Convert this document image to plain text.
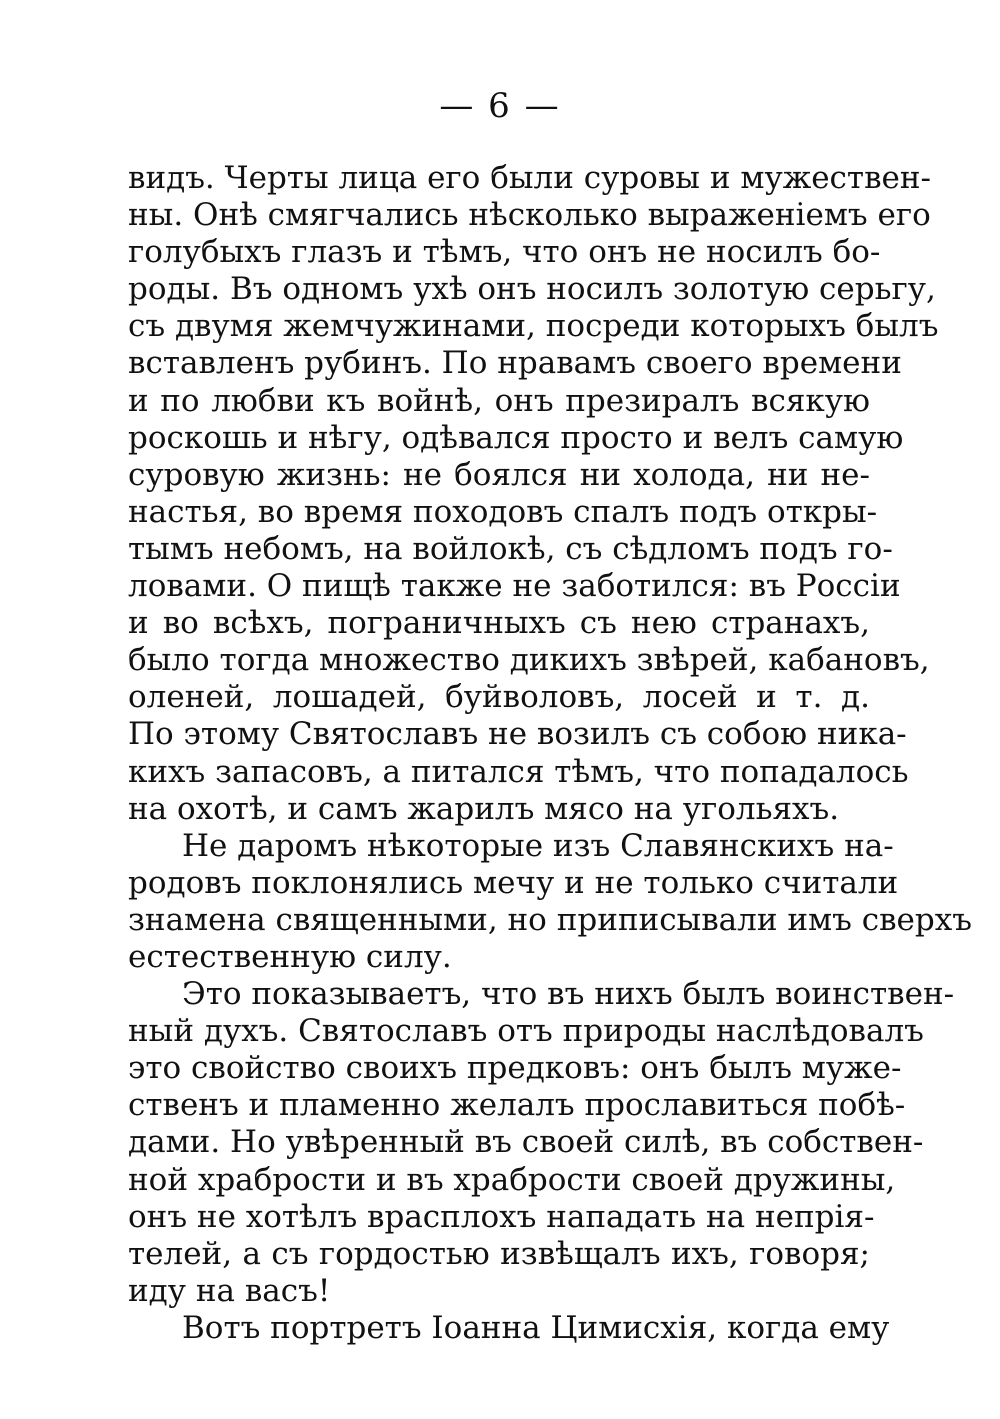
— 6 —
видъ. Черты лица его были суровы и мужествен-
ны. Онѣ смягчались нѣсколько выраженіемъ его
голубыхъ глазъ и тѣмъ, что онъ не носилъ бо-
роды. Въ одномъ ухѣ онъ носилъ золотую серьгу,
съ двумя жемчужинами, посреди которыхъ былъ
вставленъ рубинъ. По нравамъ своего времени
и по любви къ войнѣ, онъ презиралъ всякую
роскошь и нѣгу, одѣвался просто и велъ самую
суровую жизнь: не боялся ни холода, ни не-
настья, во время походовъ спалъ подъ откры-
тымъ небомъ, на войлокѣ, съ сѣдломъ подъ го-
ловами. О пищѣ также не заботился: въ Россіи
и во всѣхъ, пограничныхъ съ нею странахъ,
было тогда множество дикихъ звѣрей, кабановъ,
оленей, лошадей, буйволовъ, лосей и т. д.
По этому Святославъ не возилъ съ собою ника-
кихъ запасовъ, а питался тѣмъ, что попадалось
на охотѣ, и самъ жарилъ мясо на угольяхъ.
Не даромъ нѣкоторые изъ Славянскихъ на-
родовъ поклонялись мечу и не только считали
знамена священными, но приписывали имъ сверхъ
естественную силу.
Это показываетъ, что въ нихъ былъ воинствен-
ный духъ. Святославъ отъ природы наслѣдовалъ
это свойство своихъ предковъ: онъ былъ муже-
ственъ и пламенно желалъ прославиться побѣ-
дами. Но увѣренный въ своей силѣ, въ собствен-
ной храбрости и въ храбрости своей дружины,
онъ не хотѣлъ врасплохъ нападать на непрія-
телей, а съ гордостью извѣщалъ ихъ, говоря;
иду на васъ!
Вотъ портретъ Іоанна Цимисхія, когда ему
